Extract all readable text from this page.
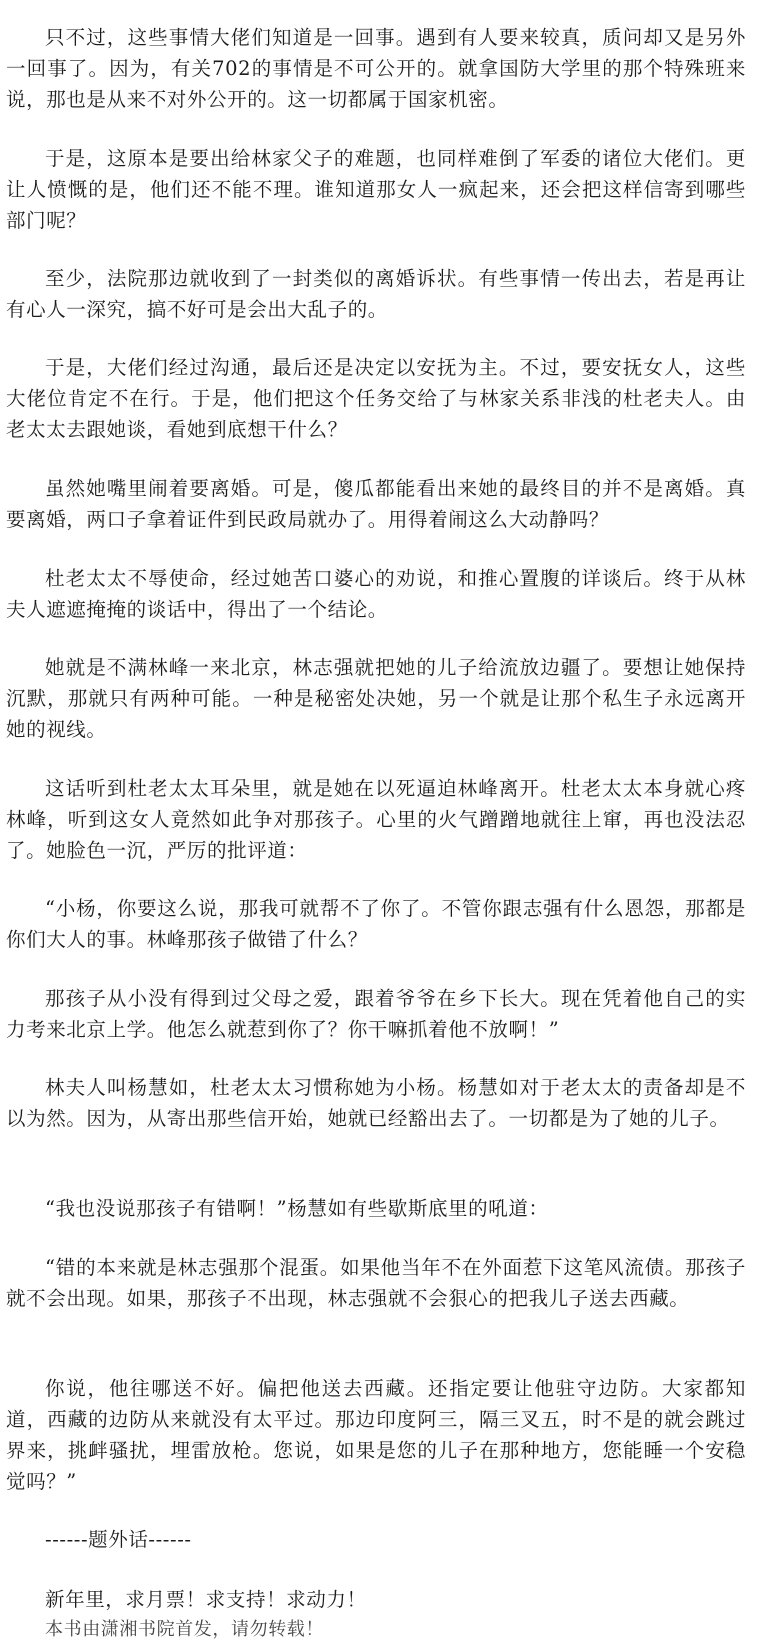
只不过，这些事情大佬们知道是一回事。遇到有人要来较真，质问却又是另外一回事了。因为，有关702的事情是不可公开的。就拿国防大学里的那个特殊班来说，那也是从来不对外公开的。这一切都属于国家机密。

于是，这原本是要出给林家父子的难题，也同样难倒了军委的诸位大佬们。更让人愤慨的是，他们还不能不理。谁知道那女人一疯起来，还会把这样信寄到哪些部门呢？

至少，法院那边就收到了一封类似的离婚诉状。有些事情一传出去，若是再让有心人一深究，搞不好可是会出大乱子的。

于是，大佬们经过沟通，最后还是决定以安抚为主。不过，要安抚女人，这些大佬位肯定不在行。于是，他们把这个任务交给了与林家关系非浅的杜老夫人。由老太太去跟她谈，看她到底想干什么？

虽然她嘴里闹着要离婚。可是，傻瓜都能看出来她的最终目的并不是离婚。真要离婚，两口子拿着证件到民政局就办了。用得着闹这么大动静吗？

杜老太太不辱使命，经过她苦口婆心的劝说，和推心置腹的详谈后。终于从林夫人遮遮掩掩的谈话中，得出了一个结论。

她就是不满林峰一来北京，林志强就把她的儿子给流放边疆了。要想让她保持沉默，那就只有两种可能。一种是秘密处决她，另一个就是让那个私生子永远离开她的视线。

这话听到杜老太太耳朵里，就是她在以死逼迫林峰离开。杜老太太本身就心疼林峰，听到这女人竟然如此争对那孩子。心里的火气蹭蹭地就往上窜，再也没法忍了。她脸色一沉，严厉的批评道：

“小杨，你要这么说，那我可就帮不了你了。不管你跟志强有什么恩怨，那都是你们大人的事。林峰那孩子做错了什么？

那孩子从小没有得到过父母之爱，跟着爷爷在乡下长大。现在凭着他自己的实力考来北京上学。他怎么就惹到你了？你干嘛抓着他不放啊！”

林夫人叫杨慧如，杜老太太习惯称她为小杨。杨慧如对于老太太的责备却是不以为然。因为，从寄出那些信开始，她就已经豁出去了。一切都是为了她的儿子。

“我也没说那孩子有错啊！”杨慧如有些歇斯底里的吼道：

“错的本来就是林志强那个混蛋。如果他当年不在外面惹下这笔风流债。那孩子就不会出现。如果，那孩子不出现，林志强就不会狠心的把我儿子送去西藏。

你说，他往哪送不好。偏把他送去西藏。还指定要让他驻守边防。大家都知道，西藏的边防从来就没有太平过。那边印度阿三，隔三叉五，时不是的就会跳过界来，挑衅骚扰，埋雷放枪。您说，如果是您的儿子在那种地方，您能睡一个安稳觉吗？”

------题外话------

新年里，求月票！求支持！求动力！

本书由潇湘书院首发，请勿转载！
